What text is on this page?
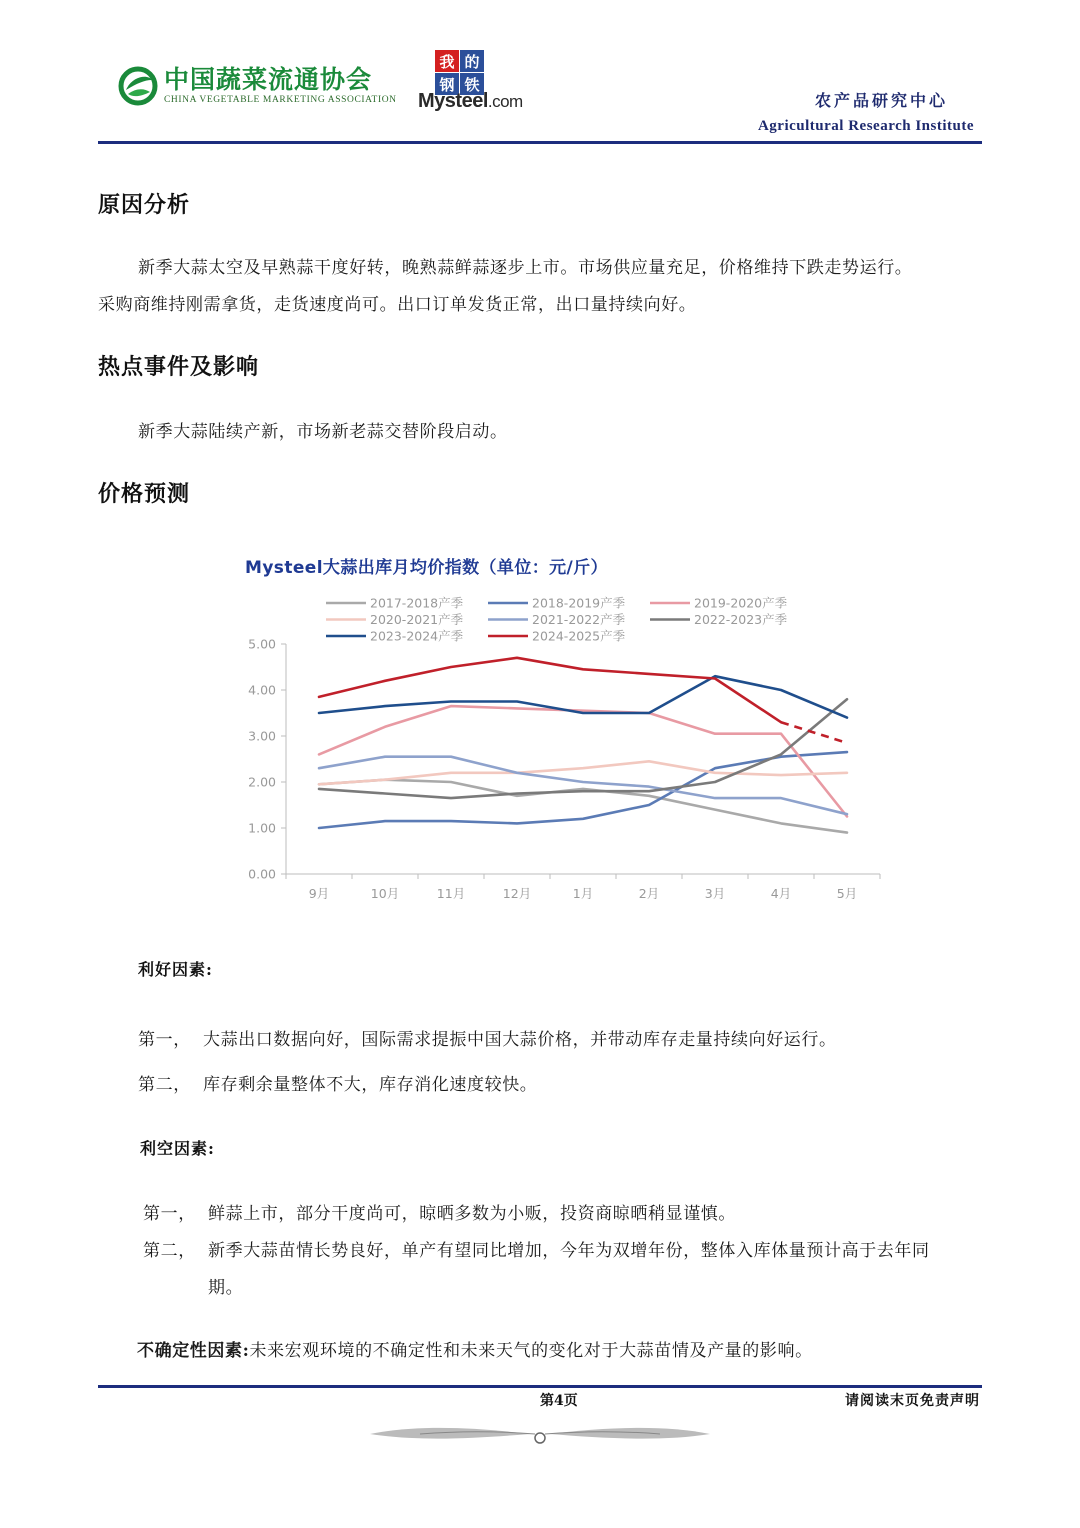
中国蔬菜流通协会
CHINA VEGETABLE MARKETING ASSOCIATION
我 的
钢 铁
Mysteel.com	农产品研究中心
Agricultural Research Institute
原因分析
新季大蒜太空及早熟蒜干度好转，晚熟蒜鲜蒜逐步上市。市场供应量充足，价格维持下跌走势运行。
采购商维持刚需拿货，走货速度尚可。出口订单发货正常，出口量持续向好。
热点事件及影响
新季大蒜陆续产新，市场新老蒜交替阶段启动。
价格预测
Mysteel大蒜出库月均价指数（单位：元/斤）
2017-2018产季	2018-2019产季	2019-2020产季
2020-2021产季	2021-2022产季	2022-2023产季
2023-2024产季	2024-2025产季
0.00
1.00
2.00
3.00
4.00
5.00
9月	10月	11月	12月	1月	2月	3月	4月	5月
利好因素:
第一， 大蒜出口数据向好，国际需求提振中国大蒜价格，并带动库存走量持续向好运行。
第二， 库存剩余量整体不大，库存消化速度较快。
利空因素:
第一， 鲜蒜上市，部分干度尚可，晾晒多数为小贩，投资商晾晒稍显谨慎。
第二， 新季大蒜苗情长势良好，单产有望同比增加，今年为双增年份，整体入库体量预计高于去年同
期。
不确定性因素:未来宏观环境的不确定性和未来天气的变化对于大蒜苗情及产量的影响。
第4页	请阅读末页免责声明
